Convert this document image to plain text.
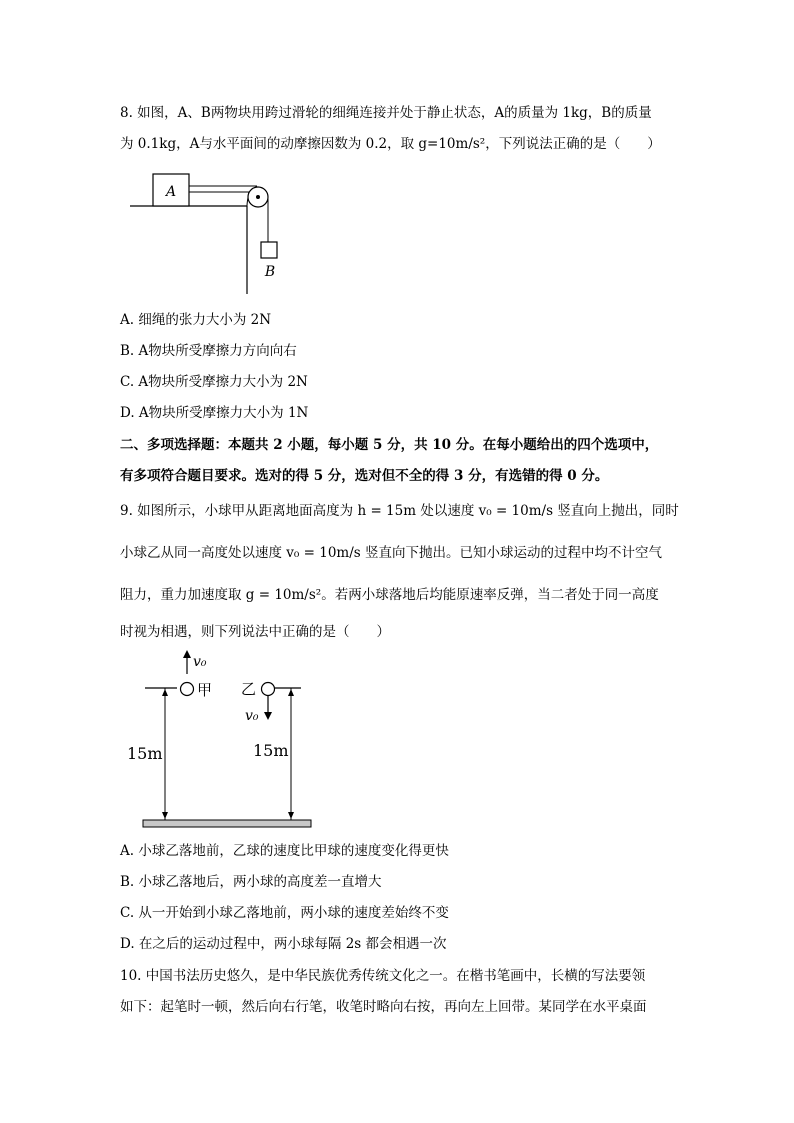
8. 如图，A、B两物块用跨过滑轮的细绳连接并处于静止状态，A的质量为 1kg，B的质量
为 0.1kg，A与水平面间的动摩擦因数为 0.2，取 g=10m/s²，下列说法正确的是（　　）
A
B
A. 细绳的张力大小为 2N
B. A物块所受摩擦力方向向右
C. A物块所受摩擦力大小为 2N
D. A物块所受摩擦力大小为 1N
二、多项选择题：本题共 2 小题，每小题 5 分，共 10 分。在每小题给出的四个选项中，
有多项符合题目要求。选对的得 5 分，选对但不全的得 3 分，有选错的得 0 分。
9. 如图所示，小球甲从距离地面高度为 h = 15m 处以速度 v₀ = 10m/s 竖直向上抛出，同时
小球乙从同一高度处以速度 v₀ = 10m/s 竖直向下抛出。已知小球运动的过程中均不计空气
阻力，重力加速度取 g = 10m/s²。若两小球落地后均能原速率反弹，当二者处于同一高度
时视为相遇，则下列说法中正确的是（　　）
v₀
甲
15m
乙
v₀
15m
A. 小球乙落地前，乙球的速度比甲球的速度变化得更快
B. 小球乙落地后，两小球的高度差一直增大
C. 从一开始到小球乙落地前，两小球的速度差始终不变
D. 在之后的运动过程中，两小球每隔 2s 都会相遇一次
10. 中国书法历史悠久，是中华民族优秀传统文化之一。在楷书笔画中，长横的写法要领
如下：起笔时一顿，然后向右行笔，收笔时略向右按，再向左上回带。某同学在水平桌面
